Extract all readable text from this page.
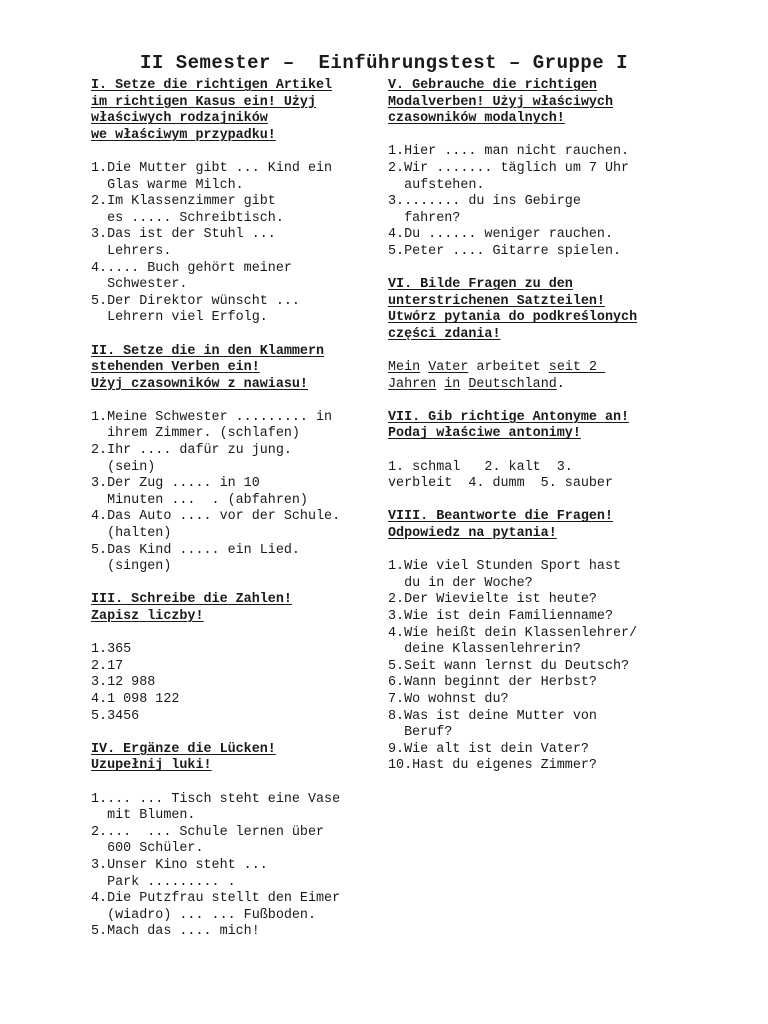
II Semester –  Einführungstest – Gruppe I
I. Setze die richtigen Artikel
im richtigen Kasus ein! Użyj
właściwych rodzajników
we właściwym przypadku!
1. Die Mutter gibt ... Kind ein
Glas warme Milch.
2. Im Klassenzimmer gibt
es ..... Schreibtisch.
3. Das ist der Stuhl ...
Lehrers.
4. .... Buch gehört meiner
Schwester.
5. Der Direktor wünscht ...
Lehrern viel Erfolg.
II. Setze die in den Klammern
stehenden Verben ein!
Użyj czasowników z nawiasu!
1. Meine Schwester ......... in
ihrem Zimmer. (schlafen)
2. Ihr .... dafür zu jung.
(sein)
3. Der Zug ..... in 10
Minuten ...  . (abfahren)
4. Das Auto .... vor der Schule.
(halten)
5. Das Kind ..... ein Lied.
(singen)
III. Schreibe die Zahlen!
Zapisz liczby!
1.365
2.17
3.12 988
4.1 098 122
5.3456
IV. Ergänze die Lücken!
Uzupełnij luki!
1. ... ... Tisch steht eine Vase
mit Blumen.
2. ...  ... Schule lernen über
600 Schüler.
3. Unser Kino steht ...
Park ......... .
4. Die Putzfrau stellt den Eimer
(wiadro) ... ... Fußboden.
5. Mach das .... mich!
V. Gebrauche die richtigen
Modalverben! Użyj właściwych
czasowników modalnych!
1. Hier .... man nicht rauchen.
2. Wir ....... täglich um 7 Uhr
aufstehen.
3. ....... du ins Gebirge
fahren?
4. Du ...... weniger rauchen.
5. Peter .... Gitarre spielen.
VI. Bilde Fragen zu den
unterstrichenen Satzteilen!
Utwórz pytania do podkreślonych
części zdania!
Mein Vater arbeitet seit 2
Jahren in Deutschland.
VII. Gib richtige Antonyme an!
Podaj właściwe antonimy!
1. schmal   2. kalt  3.
verbleit  4. dumm  5. sauber
VIII. Beantworte die Fragen!
Odpowiedz na pytania!
1. Wie viel Stunden Sport hast
du in der Woche?
2. Der Wievielte ist heute?
3. Wie ist dein Familienname?
4. Wie heißt dein Klassenlehrer/
deine Klassenlehrerin?
5. Seit wann lernst du Deutsch?
6. Wann beginnt der Herbst?
7. Wo wohnst du?
8. Was ist deine Mutter von
Beruf?
9. Wie alt ist dein Vater?
10. Hast du eigenes Zimmer?
